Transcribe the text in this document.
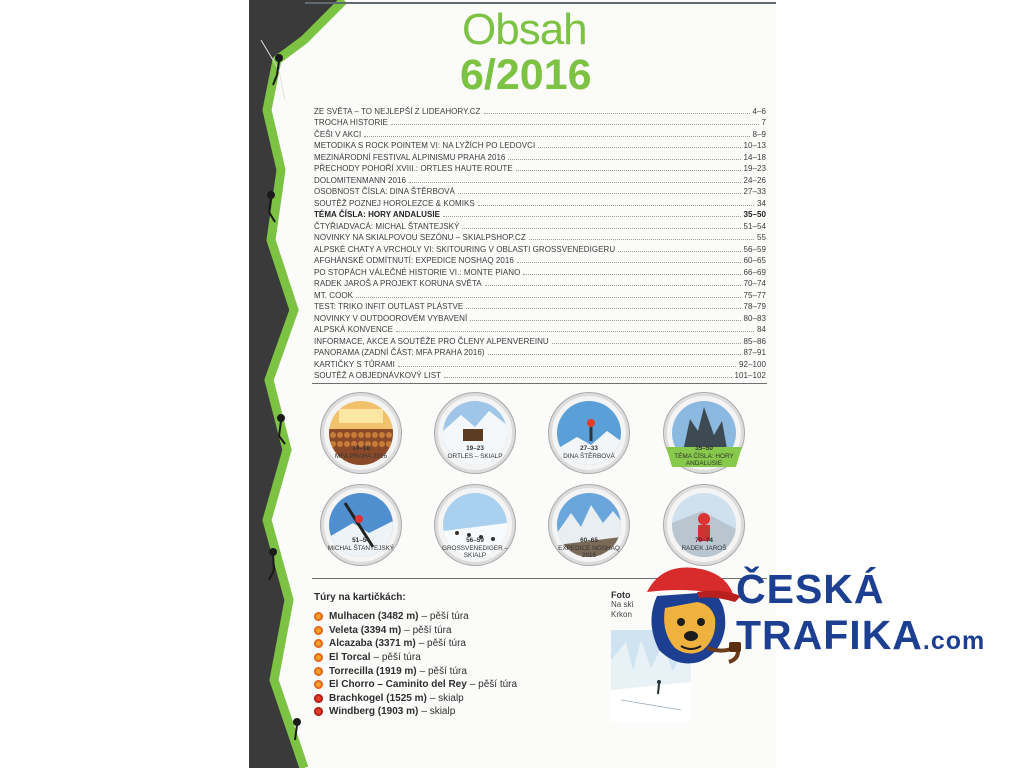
Obsah
6/2016
ZE SVĚTA – TO NEJLEPŠÍ Z LIDEAHORY.CZ	4–6
TROCHA HISTORIE	7
ČEŠI V AKCI	8–9
METODIKA S ROCK POINTEM VI: NA LYŽÍCH PO LEDOVCI	10–13
MEZINÁRODNÍ FESTIVAL ALPINISMU PRAHA 2016	14–18
PŘECHODY POHOŘÍ XVIII.: ORTLES HAUTE ROUTE	19–23
DOLOMITENMANN 2016	24–26
OSOBNOST ČÍSLA: DINA ŠTĚRBOVÁ	27–33
SOUTĚŽ POZNEJ HOROLEZCE & KOMIKS	34
TÉMA ČÍSLA: HORY ANDALUSIE	35–50
ČTYŘIADVACÁ: MICHAL ŠTANTEJSKÝ	51–54
NOVINKY NA SKIALPOVOU SEZÓNU – SKIALPSHOP.CZ	55
ALPSKÉ CHATY A VRCHOLY VI: SKITOURING V OBLASTI GROSSVENEDIGERU	56–59
AFGHÁNSKÉ ODMÍTNUTÍ: EXPEDICE NOSHAQ 2016	60–65
PO STOPÁCH VÁLEČNÉ HISTORIE VI.: MONTE PIANO	66–69
RADEK JAROŠ A PROJEKT KORUNA SVĚTA	70–74
MT. COOK	75–77
TEST: TRIKO INFIT OUTLAST PLÁSTVE	78–79
NOVINKY V OUTDOOROVÉM VYBAVENÍ	80–83
ALPSKÁ KONVENCE	84
INFORMACE, AKCE A SOUTĚŽE PRO ČLENY ALPENVEREINU	85–86
PANORAMA (ZADNÍ ČÁST: MFA PRAHA 2016)	87–91
KARTIČKY S TŮRAMI	92–100
SOUTĚŽ A OBJEDNÁVKOVÝ LIST	101–102
14–18
MFA PRAHA 2016
19–23
ORTLES – SKIALP
27–33
DINA ŠTĚRBOVÁ
35–50
TÉMA ČÍSLA: HORY ANDALUSIE
51–54
MICHAL ŠTANTEJSKÝ
56–59
GROSSVENEDIGER – SKIALP
60–65
EXPEDICE NOSHAQ 2016
70–74
RADEK JAROŠ
Túry na kartičkách:
Mulhacen (3482 m) – pěší túra
Veleta (3394 m) – pěší túra
Alcazaba (3371 m) – pěší túra
El Torcal – pěší túra
Torrecilla (1919 m) – pěší túra
El Chorro – Caminito del Rey – pěší túra
Brachkogel (1525 m) – skialp
Windberg (1903 m) – skialp
Foto
Na ski
Krkon
ČESKÁ
TRAFIKA.com
